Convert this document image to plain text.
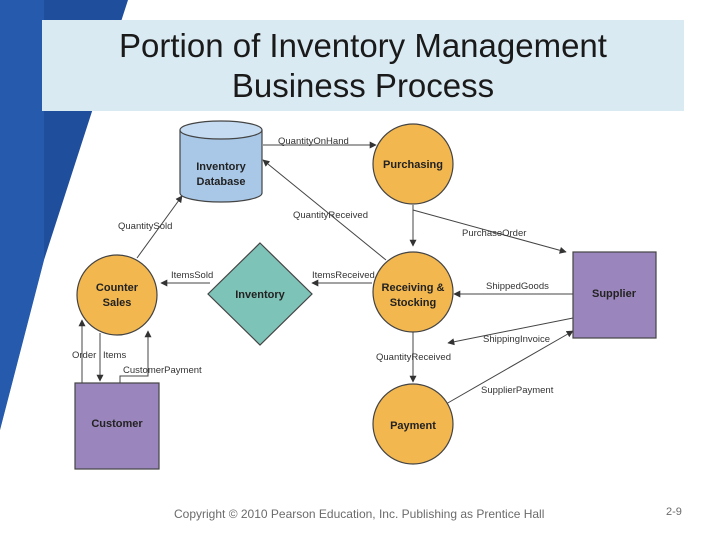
Portion of Inventory Management
Business Process
Inventory
Database
Purchasing
Counter
Sales
Inventory
Receiving &
Stocking
Supplier
Customer	Payment
QuantityOnHand
QuantitySold
QuantityReceived
PurchaseOrder
ItemsSold	ItemsReceived
ShippedGoods
ShippingInvoice
QuantityReceived
SupplierPayment
Order Items
CustomerPayment
Copyright © 2010 Pearson Education, Inc. Publishing as Prentice Hall	2-9
